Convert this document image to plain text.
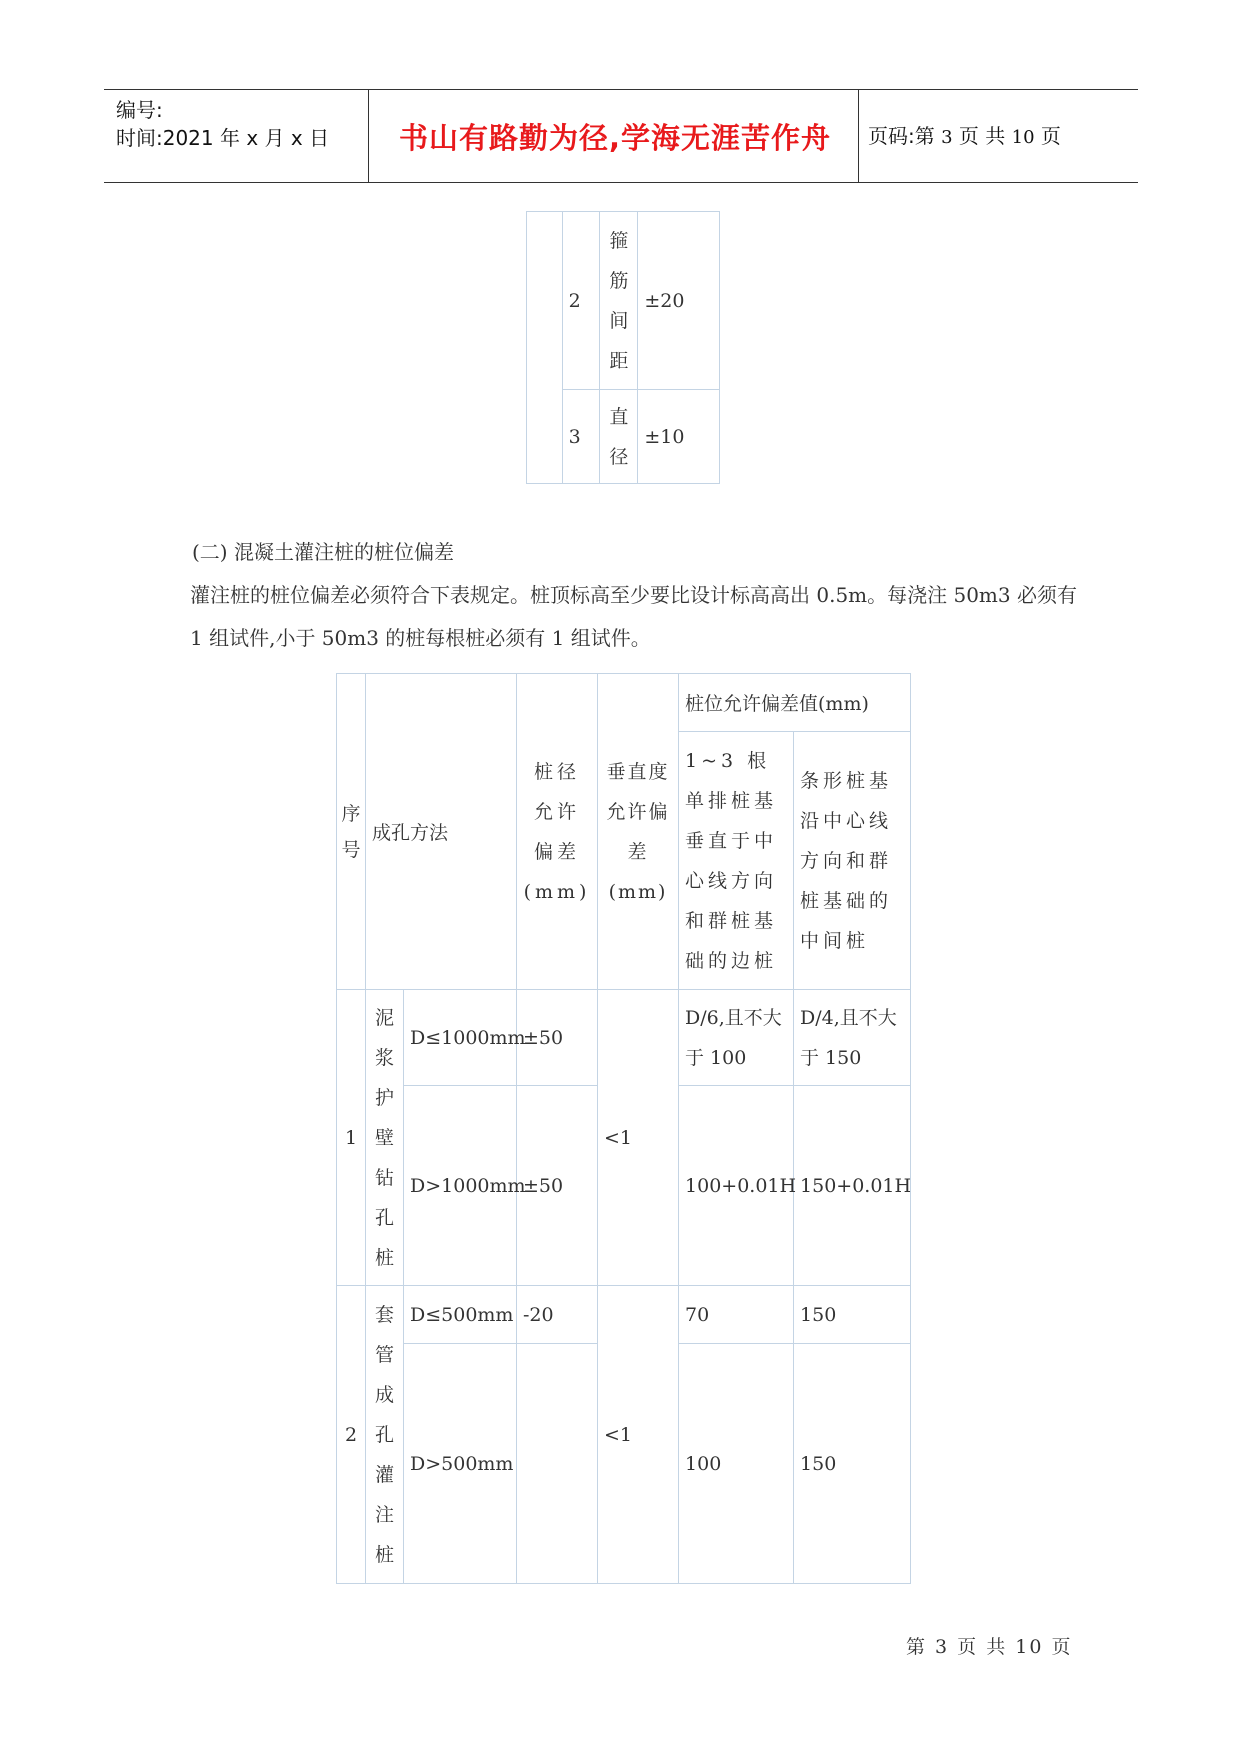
编号:
时间:2021 年 x 月 x 日	书山有路勤为径,学海无涯苦作舟	页码:第 3 页 共 10 页
	2	箍筋间距	±20
	3	直径	±10
(二) 混凝土灌注桩的桩位偏差
灌注桩的桩位偏差必须符合下表规定。桩顶标高至少要比设计标高高出 0.5m。每浇注 50m3 必须有 1 组试件,小于 50m3 的桩每根桩必须有 1 组试件。
序号	成孔方法		桩径允许偏差(mm)	垂直度允许偏差(mm)	桩位允许偏差值(mm)	
					1~3 根单排桩基垂直于中心线方向和群桩基础的边桩	条形桩基沿中心线方向和群桩基础的中间桩
1	泥浆护壁钻孔桩	D≤1000mm	±50	<1	D/6,且不大于 100	D/4,且不大于 150
		D>1000mm	±50		100+0.01H	150+0.01H
2	套管成孔灌注桩	D≤500mm	-20	<1	70	150
		D>500mm			100	150
第 3 页 共 10 页
